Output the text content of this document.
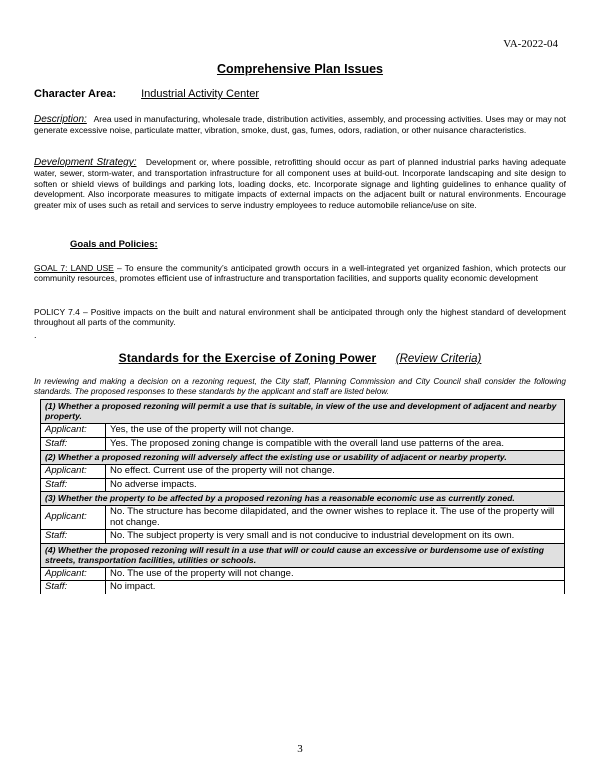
VA-2022-04
Comprehensive Plan Issues
Character Area: Industrial Activity Center
Description: Area used in manufacturing, wholesale trade, distribution activities, assembly, and processing activities. Uses may or may not generate excessive noise, particulate matter, vibration, smoke, dust, gas, fumes, odors, radiation, or other nuisance characteristics.
Development Strategy: Development or, where possible, retrofitting should occur as part of planned industrial parks having adequate water, sewer, storm-water, and transportation infrastructure for all component uses at build-out. Incorporate landscaping and site design to soften or shield views of buildings and parking lots, loading docks, etc. Incorporate signage and lighting guidelines to enhance quality of development. Also incorporate measures to mitigate impacts of external impacts on the adjacent built or natural environments. Encourage greater mix of uses such as retail and services to serve industry employees to reduce automobile reliance/use on site.
Goals and Policies:
GOAL 7: LAND USE – To ensure the community’s anticipated growth occurs in a well-integrated yet organized fashion, which protects our community resources, promotes efficient use of infrastructure and transportation facilities, and supports quality economic development
POLICY 7.4 – Positive impacts on the built and natural environment shall be anticipated through only the highest standard of development throughout all parts of the community.
.
Standards for the Exercise of Zoning Power (Review Criteria)
In reviewing and making a decision on a rezoning request, the City staff, Planning Commission and City Council shall consider the following standards. The proposed responses to these standards by the applicant and staff are listed below.
(1) Whether a proposed rezoning will permit a use that is suitable, in view of the use and development of adjacent and nearby property.	
Applicant:	Yes, the use of the property will not change.
Staff:	Yes. The proposed zoning change is compatible with the overall land use patterns of the area.
(2) Whether a proposed rezoning will adversely affect the existing use or usability of adjacent or nearby property.	
Applicant:	No effect. Current use of the property will not change.
Staff:	No adverse impacts.
(3) Whether the property to be affected by a proposed rezoning has a reasonable economic use as currently zoned.	
Applicant:	No. The structure has become dilapidated, and the owner wishes to replace it. The use of the property will not change.
Staff:	No. The subject property is very small and is not conducive to industrial development on its own.
(4) Whether the proposed rezoning will result in a use that will or could cause an excessive or burdensome use of existing streets, transportation facilities, utilities or schools.	
Applicant:	No. The use of the property will not change.
Staff:	No impact.
3
